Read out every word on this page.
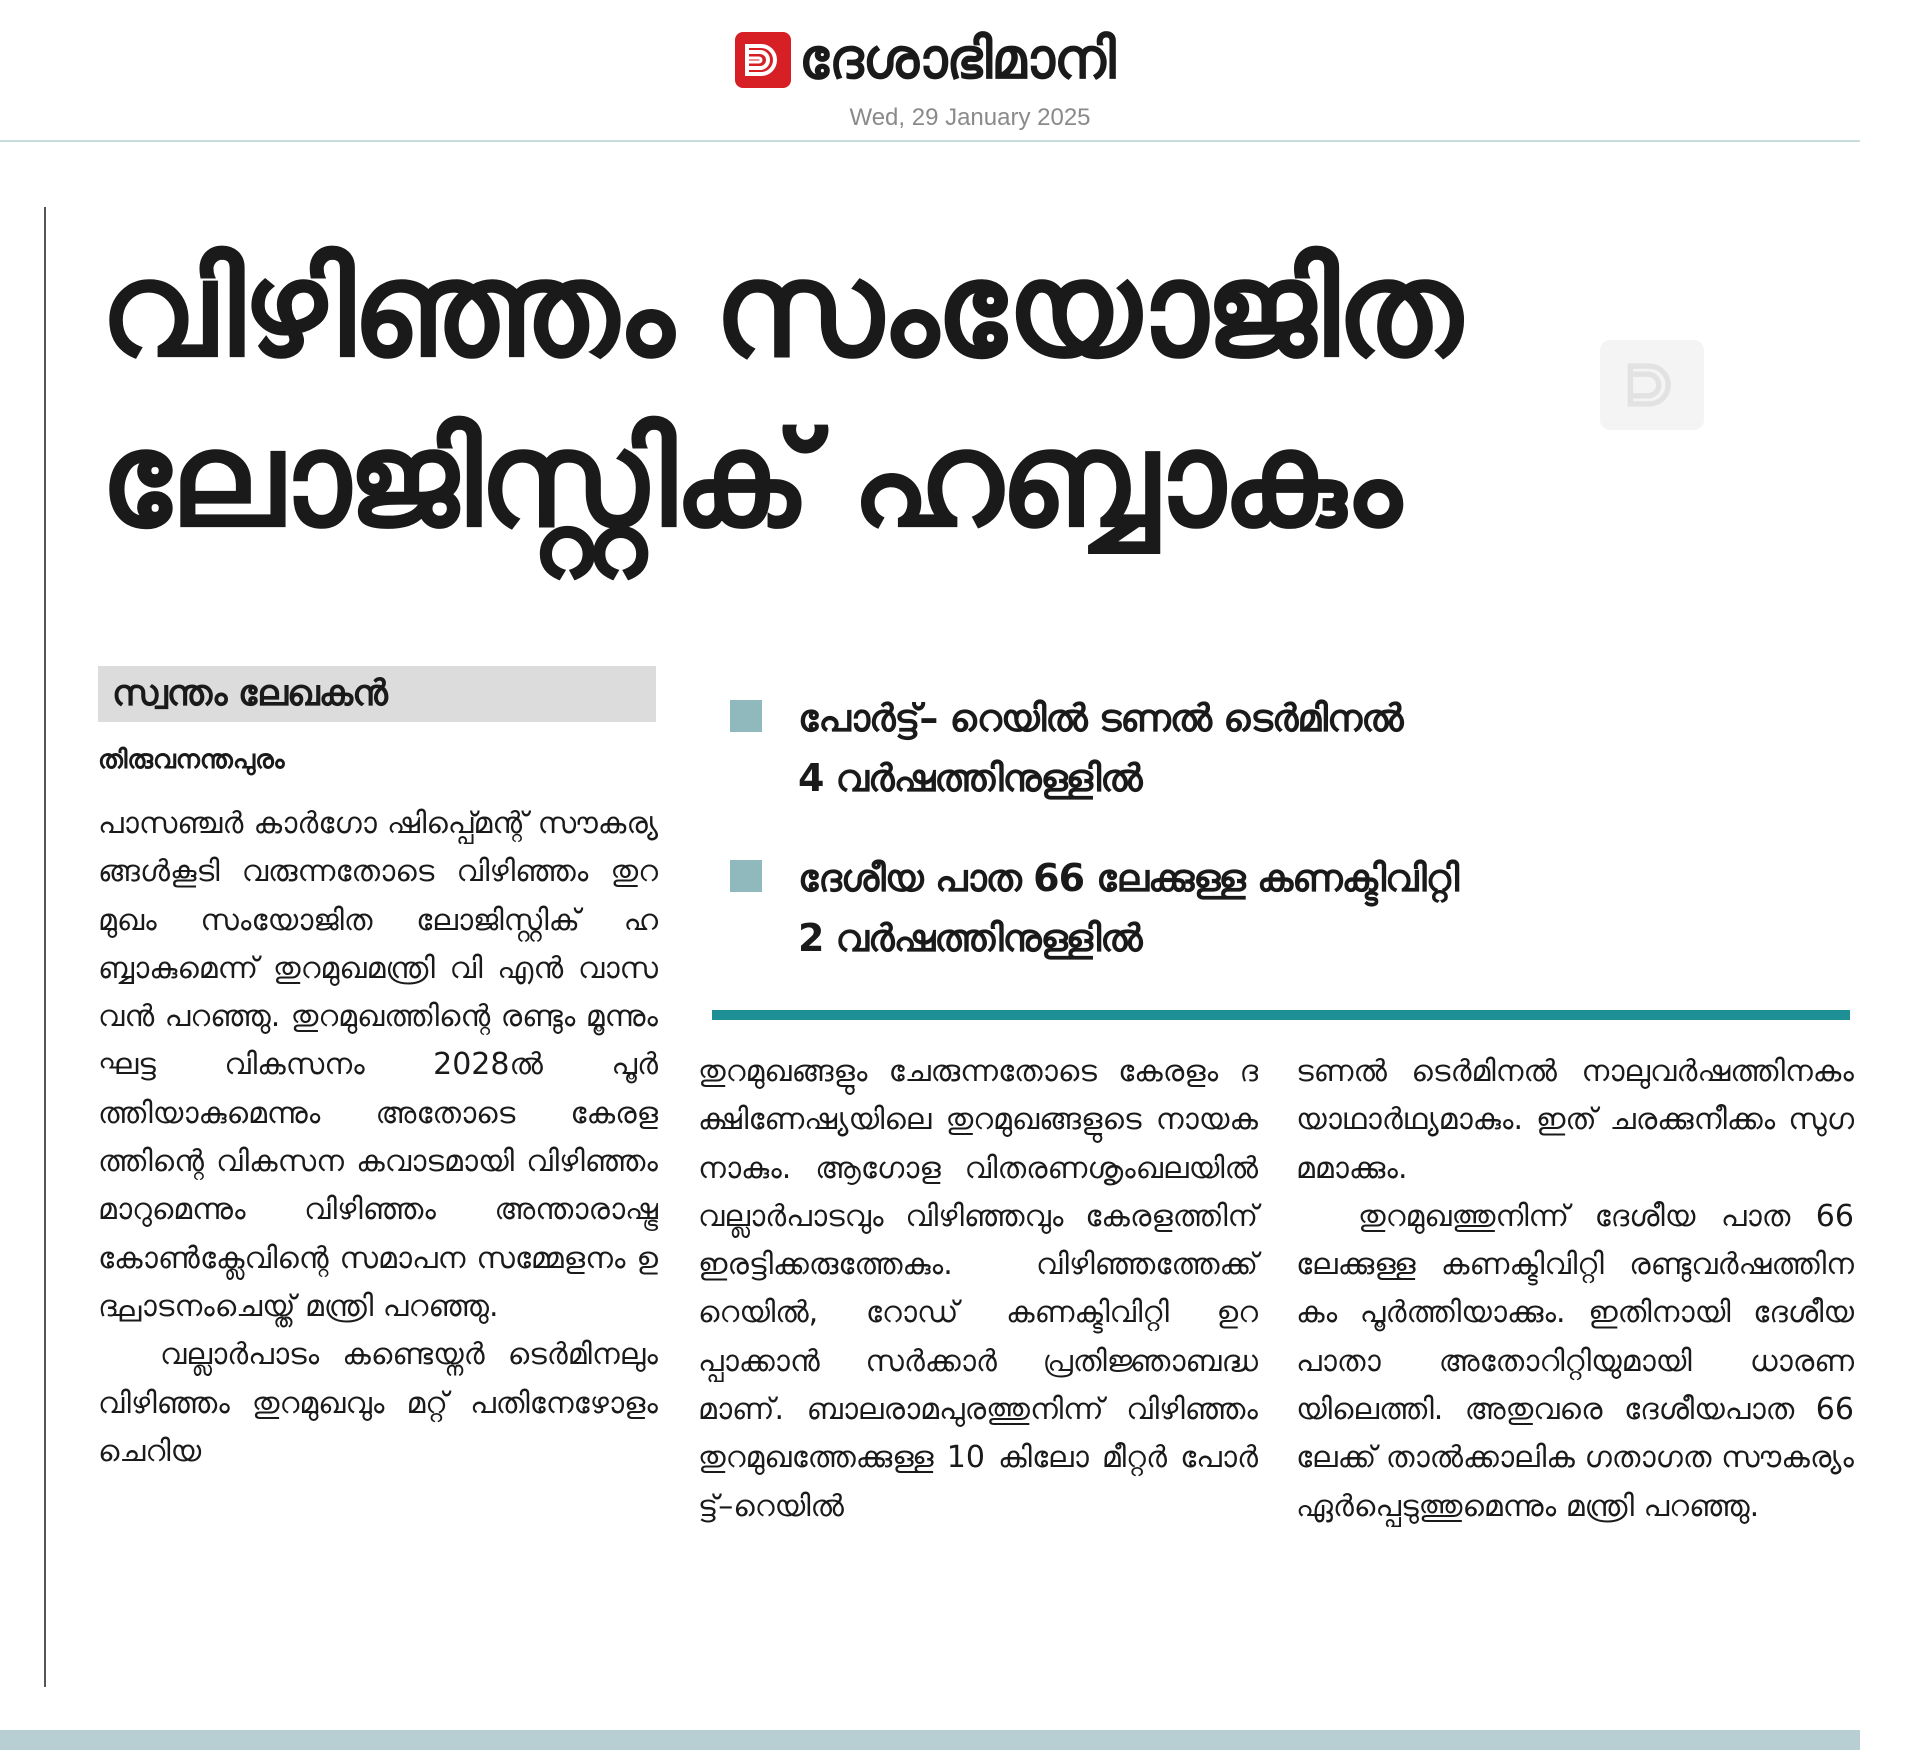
ദേശാഭിമാനി
Wed, 29 January 2025
വിഴിഞ്ഞം സംയോജിത
ലോജിസ്റ്റിക് ഹബ്ബാകും
സ്വന്തം ലേഖകൻ
തിരുവനന്തപുരം
പോർട്ട്– റെയിൽ ടണൽ ടെർമിനൽ
4 വർഷത്തിനുള്ളിൽ
ദേശീയ പാത 66 ലേക്കുള്ള കണക്ടിവിറ്റി
2 വർഷത്തിനുള്ളിൽ

പാസഞ്ചർ കാർഗോ ഷിപ്പ്മെന്റ് സൗകര്യങ്ങൾകൂടി വരുന്നതോടെ വിഴിഞ്ഞം തുറമുഖം സംയോജിത ലോജിസ്റ്റിക് ഹബ്ബാകുമെന്ന് തുറമുഖമന്ത്രി വി എൻ വാസവൻ പറഞ്ഞു. തുറമുഖത്തിന്റെ രണ്ടും മൂന്നും ഘട്ട വികസനം 2028ൽ പൂർത്തിയാകുമെന്നും അതോടെ കേരളത്തിന്റെ വികസന കവാടമായി വിഴിഞ്ഞം മാറുമെന്നും വിഴിഞ്ഞം അന്താരാഷ്ട്ര കോൺക്ലേവിന്റെ സമാപന സമ്മേളനം ഉദ്ഘാടനംചെയ്ത് മന്ത്രി പറഞ്ഞു.

വല്ലാർപാടം കണ്ടെയ്നർ ടെർമിനലും വിഴിഞ്ഞം തുറമുഖവും മറ്റ് പതിനേഴോളം ചെറിയ

തുറമുഖങ്ങളും ചേരുന്നതോടെ കേരളം ദക്ഷിണേഷ്യയിലെ തുറമുഖങ്ങളുടെ നായകനാകും. ആഗോള വിതരണശൃംഖലയിൽ വല്ലാർപാടവും വിഴിഞ്ഞവും കേരളത്തിന് ഇരട്ടിക്കരുത്തേകും. വിഴിഞ്ഞത്തേക്ക് റെയിൽ, റോഡ് കണക്ടിവിറ്റി ഉറപ്പാക്കാൻ സർക്കാർ പ്രതിജ്ഞാബദ്ധമാണ്. ബാലരാമപുരത്തുനിന്ന് വിഴിഞ്ഞം തുറമുഖത്തേക്കുള്ള 10 കിലോ മീറ്റർ പോർട്ട്–റെയിൽ

ടണൽ ടെർമിനൽ നാലുവർഷത്തിനകം യാഥാർഥ്യമാകും. ഇത് ചരക്കുനീക്കം സുഗമമാക്കും.

തുറമുഖത്തുനിന്ന് ദേശീയ പാത 66ലേക്കുള്ള കണക്ടിവിറ്റി രണ്ടുവർഷത്തിനകം പൂർത്തിയാക്കും. ഇതിനായി ദേശീയപാതാ അതോറിറ്റിയുമായി ധാരണയിലെത്തി. അതുവരെ ദേശീയപാത 66 ലേക്ക് താൽക്കാലിക ഗതാഗത സൗകര്യം ഏർപ്പെടുത്തുമെന്നും മന്ത്രി പറഞ്ഞു.
